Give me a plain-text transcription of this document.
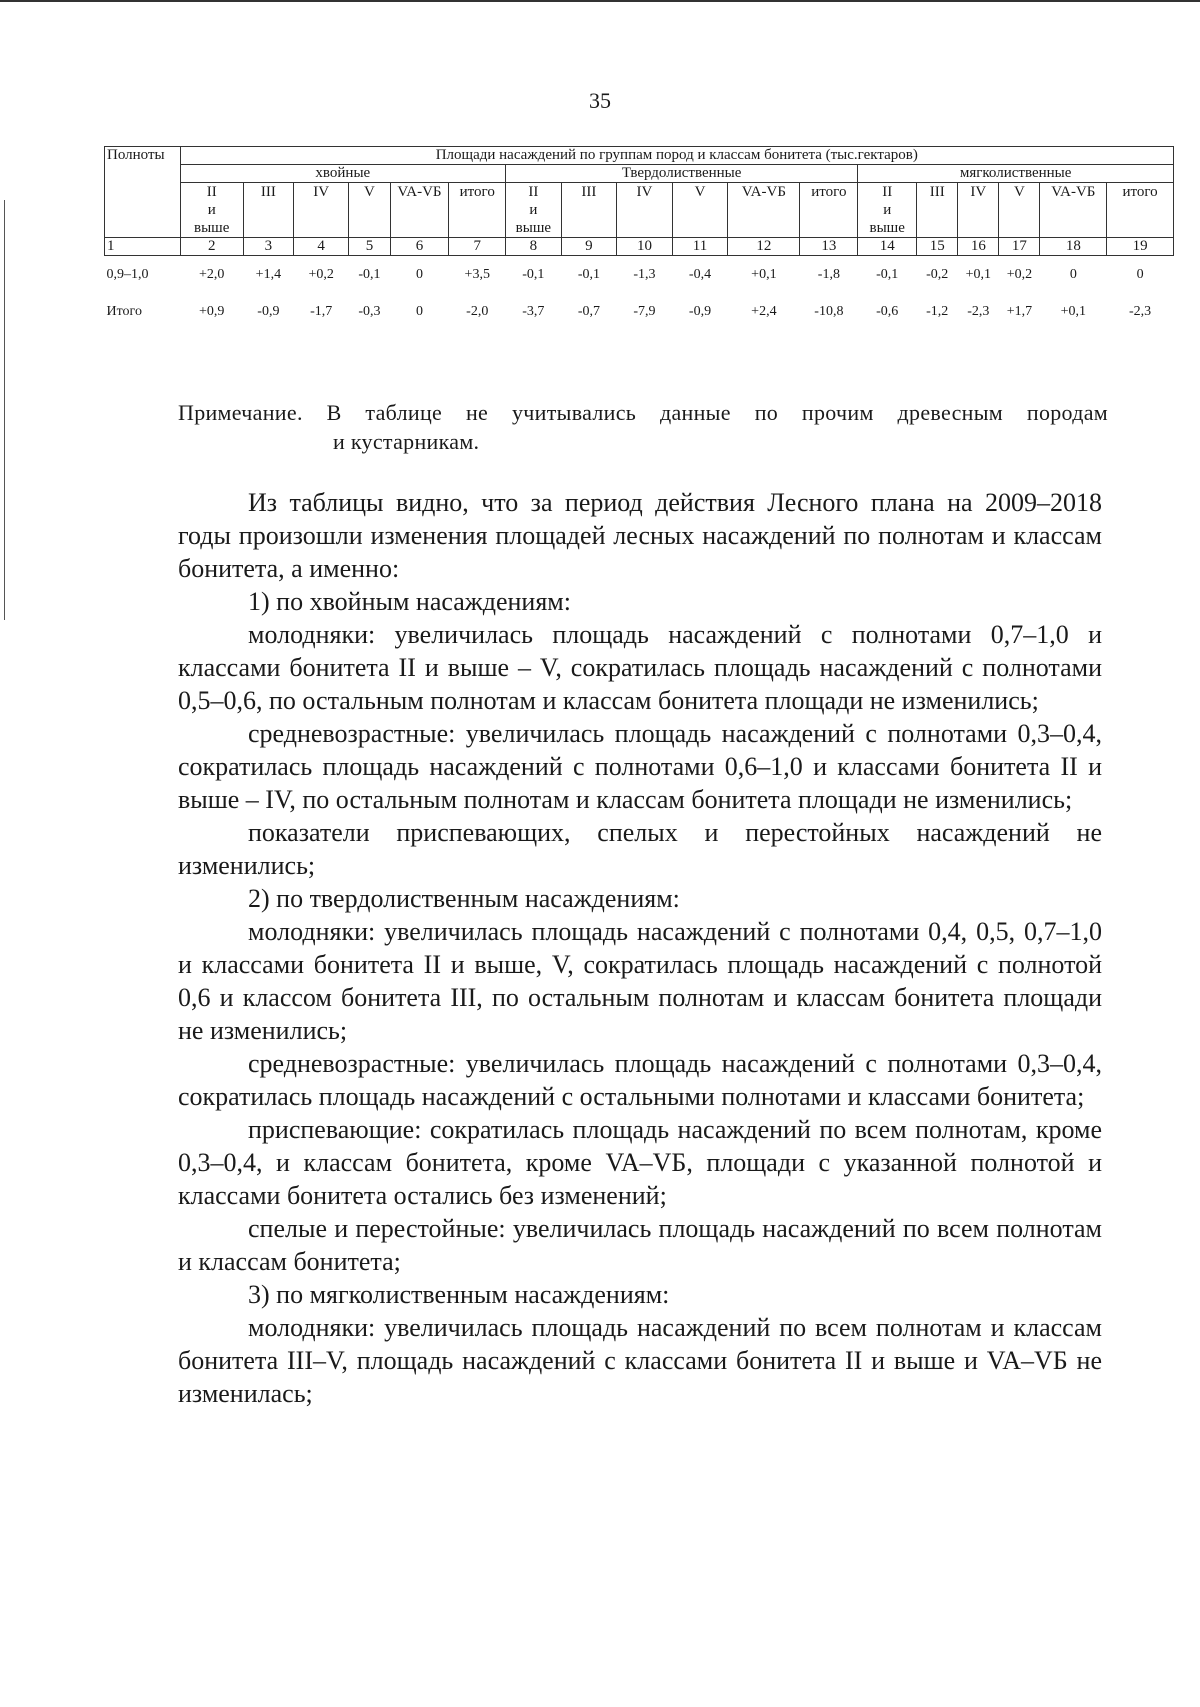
35
Полноты	Площади насаждений по группам пород и классам бонитета (тыс.гектаров)																	
	хвойные						Твердолиственные						мягколиственные					
	II
и
выше	III	IV	V	VA-VБ	итого	II
и
выше	III	IV	V	VA-VБ	итого	II
и
выше	III	IV	V	VA-VБ	итого
1	2	3	4	5	6	7	8	9	10	11	12	13	14	15	16	17	18	19
0,9–1,0	+2,0	+1,4	+0,2	-0,1	0	+3,5	-0,1	-0,1	-1,3	-0,4	+0,1	-1,8	-0,1	-0,2	+0,1	+0,2	0	0
Итого	+0,9	-0,9	-1,7	-0,3	0	-2,0	-3,7	-0,7	-7,9	-0,9	+2,4	-10,8	-0,6	-1,2	-2,3	+1,7	+0,1	-2,3
Примечание. В таблице не учитывались данные по прочим древесным породам
и кустарникам.

Из таблицы видно, что за период действия Лесного плана на 2009–2018 годы произошли изменения площадей лесных насаждений по полнотам и классам бонитета, а именно:

1) по хвойным насаждениям:

молодняки: увеличилась площадь насаждений с полнотами 0,7–1,0 и классами бонитета II и выше – V, сократилась площадь насаждений с полнотами 0,5–0,6, по остальным полнотам и классам бонитета площади не изменились;

средневозрастные: увеличилась площадь насаждений с полнотами 0,3–0,4, сократилась площадь насаждений с полнотами 0,6–1,0 и классами бонитета II и выше – IV, по остальным полнотам и классам бонитета площади не изменились;

показатели приспевающих, спелых и перестойных насаждений не изменились;

2) по твердолиственным насаждениям:

молодняки: увеличилась площадь насаждений с полнотами 0,4, 0,5, 0,7–1,0 и классами бонитета II и выше, V, сократилась площадь насаждений с полнотой 0,6 и классом бонитета III, по остальным полнотам и классам бонитета площади не изменились;

средневозрастные: увеличилась площадь насаждений с полнотами 0,3–0,4, сократилась площадь насаждений с остальными полнотами и классами бонитета;

приспевающие: сократилась площадь насаждений по всем полнотам, кроме 0,3–0,4, и классам бонитета, кроме VA–VБ, площади с указанной полнотой и классами бонитета остались без изменений;

спелые и перестойные: увеличилась площадь насаждений по всем полнотам и классам бонитета;

3) по мягколиственным насаждениям:

молодняки: увеличилась площадь насаждений по всем полнотам и классам бонитета III–V, площадь насаждений с классами бонитета II и выше и VA–VБ не изменилась;
